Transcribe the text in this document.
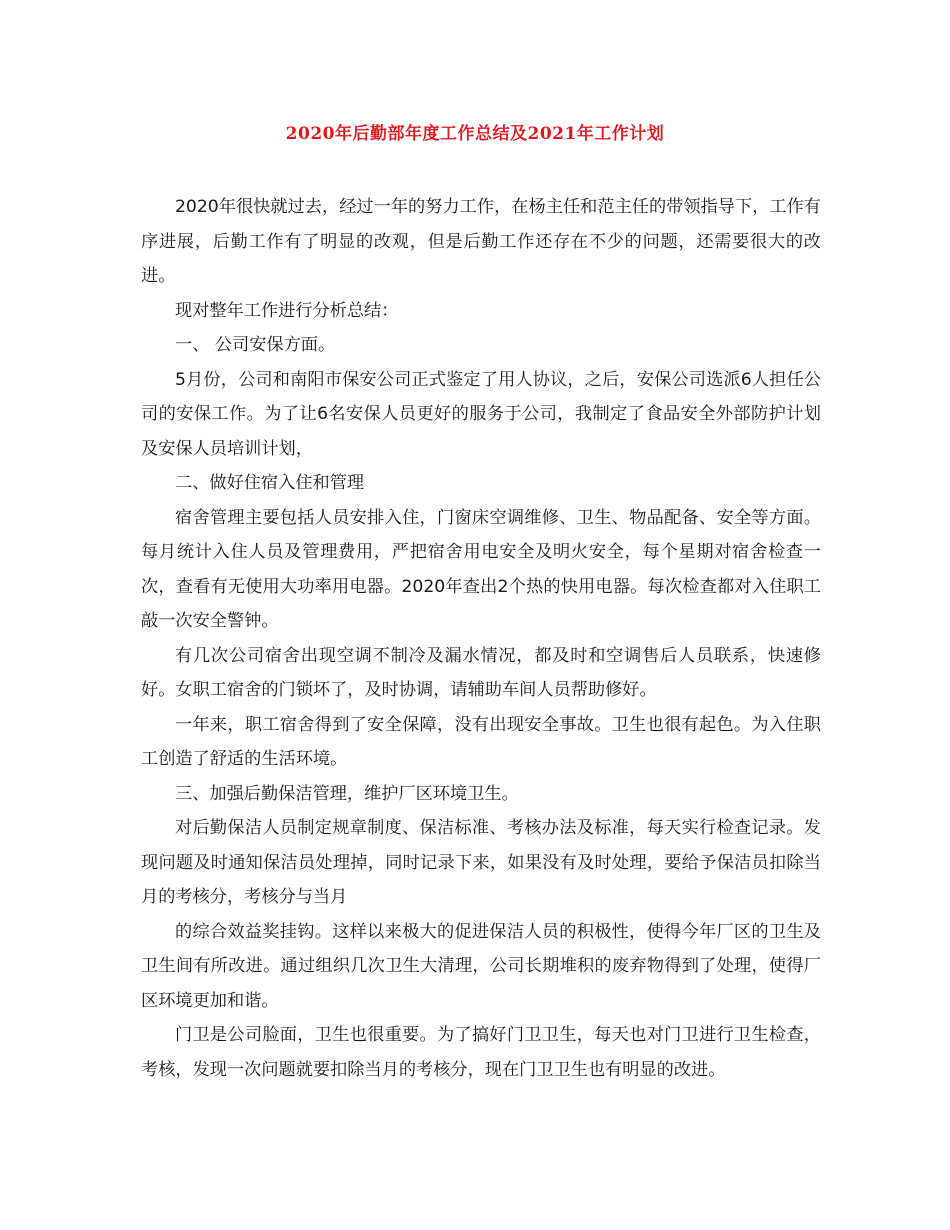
2020年后勤部年度工作总结及2021年工作计划

2020年很快就过去，经过一年的努力工作，在杨主任和范主任的带领指导下，工作有序进展，后勤工作有了明显的改观，但是后勤工作还存在不少的问题，还需要很大的改进。

现对整年工作进行分析总结：

一、 公司安保方面。

5月份，公司和南阳市保安公司正式鉴定了用人协议，之后，安保公司选派6人担任公司的安保工作。为了让6名安保人员更好的服务于公司，我制定了食品安全外部防护计划及安保人员培训计划，

二、做好住宿入住和管理

宿舍管理主要包括人员安排入住，门窗床空调维修、卫生、物品配备、安全等方面。每月统计入住人员及管理费用，严把宿舍用电安全及明火安全，每个星期对宿舍检查一次，查看有无使用大功率用电器。2020年查出2个热的快用电器。每次检查都对入住职工敲一次安全警钟。

有几次公司宿舍出现空调不制冷及漏水情况，都及时和空调售后人员联系，快速修好。女职工宿舍的门锁坏了，及时协调，请辅助车间人员帮助修好。

一年来，职工宿舍得到了安全保障，没有出现安全事故。卫生也很有起色。为入住职工创造了舒适的生活环境。

三、加强后勤保洁管理，维护厂区环境卫生。

对后勤保洁人员制定规章制度、保洁标准、考核办法及标准，每天实行检查记录。发现问题及时通知保洁员处理掉，同时记录下来，如果没有及时处理，要给予保洁员扣除当月的考核分，考核分与当月

的综合效益奖挂钩。这样以来极大的促进保洁人员的积极性，使得今年厂区的卫生及卫生间有所改进。通过组织几次卫生大清理，公司长期堆积的废弃物得到了处理，使得厂区环境更加和谐。

门卫是公司脸面，卫生也很重要。为了搞好门卫卫生，每天也对门卫进行卫生检查，考核，发现一次问题就要扣除当月的考核分，现在门卫卫生也有明显的改进。
